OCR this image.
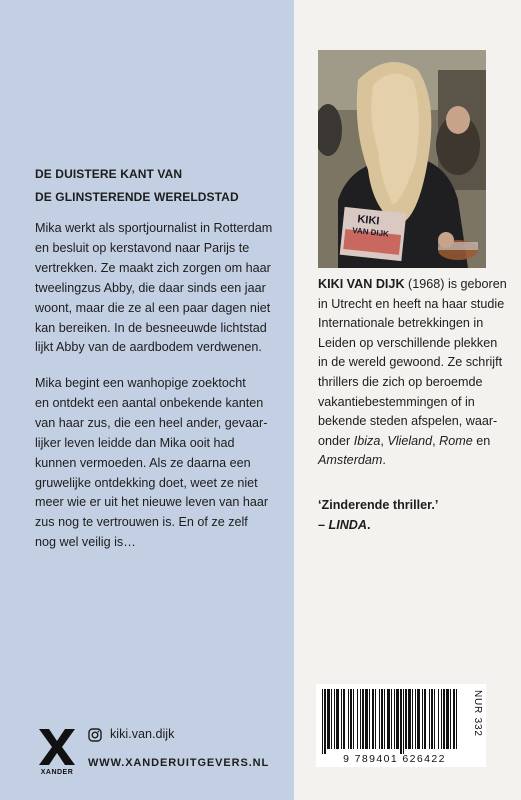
DE DUISTERE KANT VAN
DE GLINSTERENDE WERELDSTAD
Mika werkt als sportjournalist in Rotterdam
en besluit op kerstavond naar Parijs te
vertrekken. Ze maakt zich zorgen om haar
tweelingzus Abby, die daar sinds een jaar
woont, maar die ze al een paar dagen niet
kan bereiken. In de besneeuwde lichtstad
lijkt Abby van de aardbodem verdwenen.
Mika begint een wanhopige zoektocht
en ontdekt een aantal onbekende kanten
van haar zus, die een heel ander, gevaar-
lijker leven leidde dan Mika ooit had
kunnen vermoeden. Als ze daarna een
gruwelijke ontdekking doet, weet ze niet
meer wie er uit het nieuwe leven van haar
zus nog te vertrouwen is. En of ze zelf
nog wel veilig is…
KIKI
VAN DIJK
KIKI VAN DIJK (1968) is geboren
in Utrecht en heeft na haar studie
Internationale betrekkingen in
Leiden op verschillende plekken
in de wereld gewoond. Ze schrijft
thrillers die zich op beroemde
vakantiebestemmingen of in
bekende steden afspelen, waar-
onder Ibiza, Vlieland, Rome en
Amsterdam.
‘Zinderende thriller.’
– LINDA.
NUR 332
9 789401 626422
XANDER
kiki.van.dijk
WWW.XANDERUITGEVERS.NL
